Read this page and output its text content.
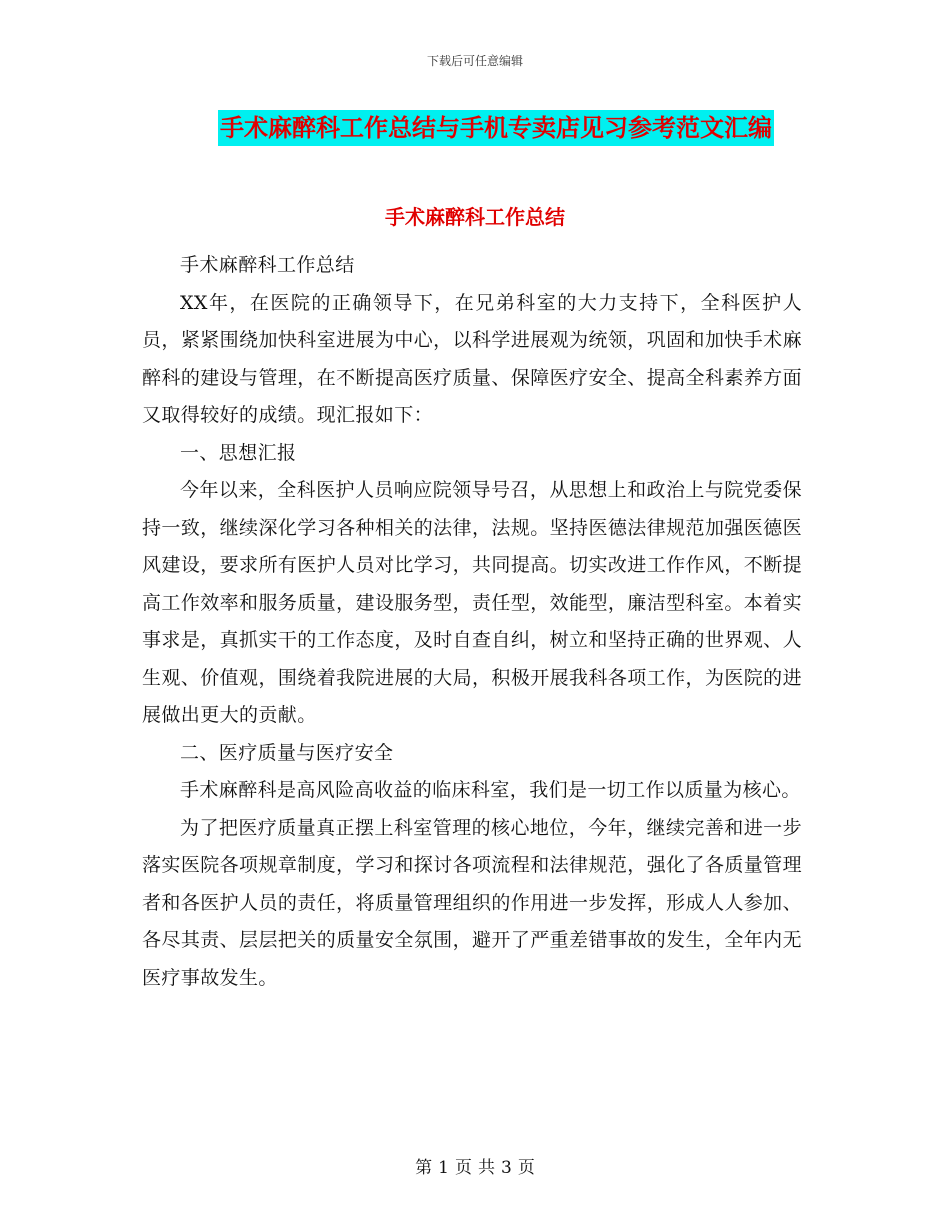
下载后可任意编辑
手术麻醉科工作总结与手机专卖店见习参考范文汇编
手术麻醉科工作总结

手术麻醉科工作总结

XX年，在医院的正确领导下，在兄弟科室的大力支持下，全科医护人员，紧紧围绕加快科室进展为中心，以科学进展观为统领，巩固和加快手术麻醉科的建设与管理，在不断提高医疗质量、保障医疗安全、提高全科素养方面又取得较好的成绩。现汇报如下：

一、思想汇报

今年以来，全科医护人员响应院领导号召，从思想上和政治上与院党委保持一致，继续深化学习各种相关的法律，法规。坚持医德法律规范加强医德医风建设，要求所有医护人员对比学习，共同提高。切实改进工作作风，不断提高工作效率和服务质量，建设服务型，责任型，效能型，廉洁型科室。本着实事求是，真抓实干的工作态度，及时自查自纠，树立和坚持正确的世界观、人生观、价值观，围绕着我院进展的大局，积极开展我科各项工作，为医院的进展做出更大的贡献。

二、医疗质量与医疗安全

手术麻醉科是高风险高收益的临床科室，我们是一切工作以质量为核心。

为了把医疗质量真正摆上科室管理的核心地位，今年，继续完善和进一步落实医院各项规章制度，学习和探讨各项流程和法律规范，强化了各质量管理者和各医护人员的责任，将质量管理组织的作用进一步发挥，形成人人参加、各尽其责、层层把关的质量安全氛围，避开了严重差错事故的发生，全年内无医疗事故发生。

第 1 页 共 3 页
